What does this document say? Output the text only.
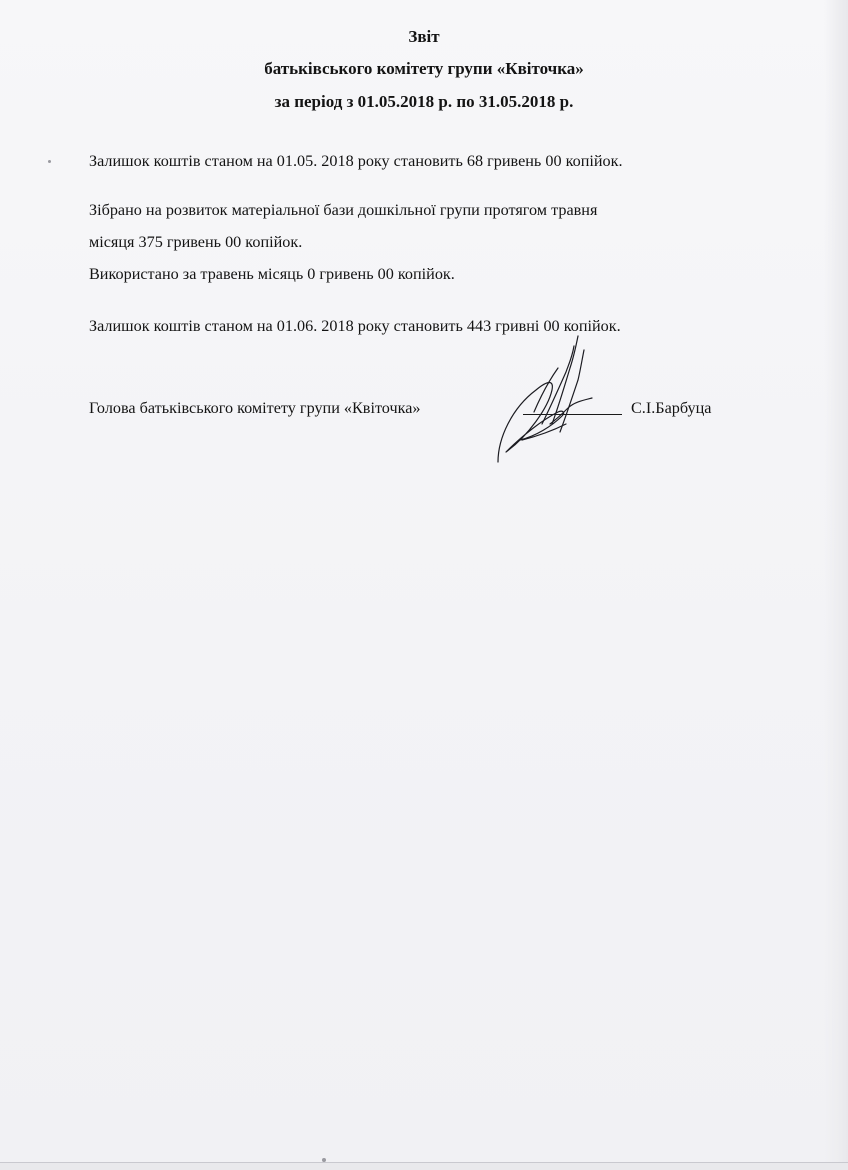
Звіт
батьківського комітету групи «Квіточка»
за період з 01.05.2018 р. по 31.05.2018 р.
Залишок коштів станом на 01.05. 2018 року становить 68 гривень 00 копійок.
Зібрано на розвиток матеріальної бази дошкільної групи протягом травня
місяця 375 гривень 00 копійок.
Використано за травень місяць 0 гривень 00 копійок.
Залишок коштів станом на 01.06. 2018 року становить 443 гривні 00 копійок.
Голова батьківського комітету групи «Квіточка»	С.І.Барбуца
